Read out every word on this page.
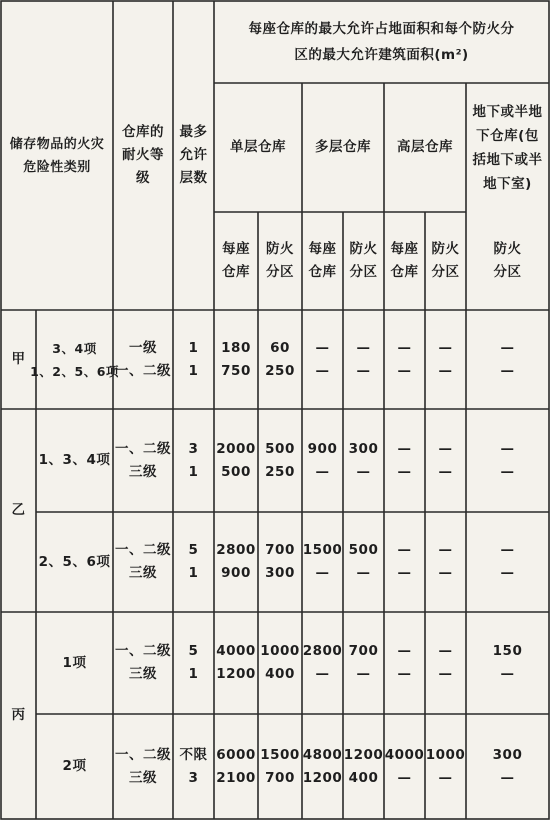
储存物品的火灾危险性类别
仓库的耐火等级
最多允许层数
每座仓库的最大允许占地面积和每个防火分区的最大允许建筑面积(m²)
单层仓库	多层仓库	高层仓库
地下或半地下仓库(包括地下或半地下室)
每座仓库
防火分区
每座仓库
防火分区
每座仓库
防火分区
防火分区
甲
乙
丙
3、4项
1、2、5、6项
一级
一、二级
1
1
180
750
60
250
—
—
—
—
—
—
—
—
—
—
1、3、4项
一、二级
三级
3
1
2000
500
500
250
900
—
300
—
—
—
—
—
—
—
2、5、6项
一、二级
三级
5
1
2800
900
700
300
1500
—
500
—
—
—
—
—
—
—
1项
一、二级
三级
5
1
4000
1200
1000
400
2800
—
700
—
—
—
—
—
150
—
2项
一、二级
三级
不限
3
6000
2100
1500
700
4800
1200
1200
400
4000
—
1000
—
300
—
